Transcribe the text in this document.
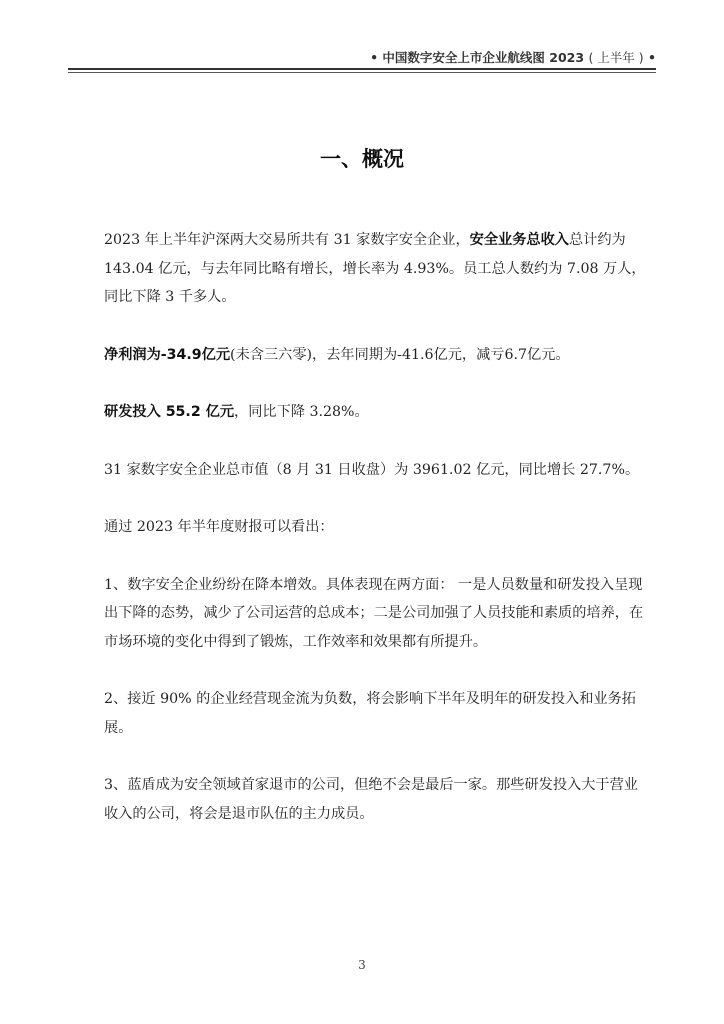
• 中国数字安全上市企业航线图 2023 ( 上半年 ) •
一、概况

2023 年上半年沪深两大交易所共有 31 家数字安全企业，安全业务总收入总计约为 143.04 亿元，与去年同比略有增长，增长率为 4.93%。员工总人数约为 7.08 万人，同比下降 3 千多人。

净利润为-34.9亿元(未含三六零)，去年同期为-41.6亿元，减亏6.7亿元。

研发投入 55.2 亿元，同比下降 3.28%。

31 家数字安全企业总市值（8 月 31 日收盘）为 3961.02 亿元，同比增长 27.7%。

通过 2023 年半年度财报可以看出：

1、数字安全企业纷纷在降本增效。具体表现在两方面： 一是人员数量和研发投入呈现出下降的态势，减少了公司运营的总成本；二是公司加强了人员技能和素质的培养，在市场环境的变化中得到了锻炼，工作效率和效果都有所提升。

2、接近 90% 的企业经营现金流为负数，将会影响下半年及明年的研发投入和业务拓展。

3、蓝盾成为安全领域首家退市的公司，但绝不会是最后一家。那些研发投入大于营业收入的公司，将会是退市队伍的主力成员。

3
